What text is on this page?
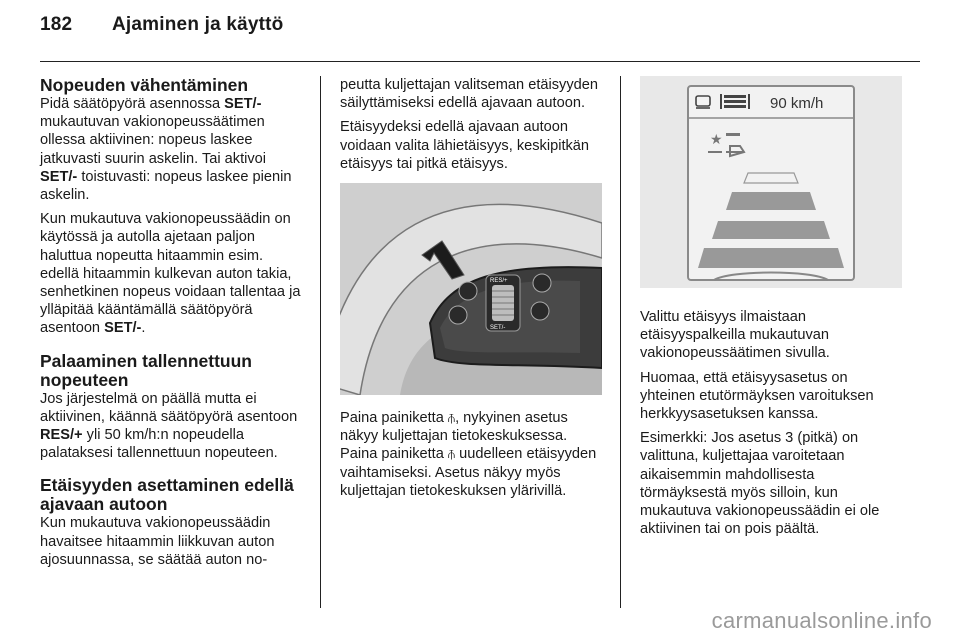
182 Ajaminen ja käyttö
Nopeuden vähentäminen

Pidä säätöpyörä asennossa SET/- mukautuvan vakionopeussäätimen ollessa aktiivinen: nopeus laskee jatkuvasti suurin askelin. Tai aktivoi SET/- toistuvasti: nopeus laskee pienin askelin.

Kun mukautuva vakionopeussäädin on käytössä ja autolla ajetaan paljon haluttua nopeutta hitaammin esim. edellä hitaammin kulkevan auton takia, senhetkinen nopeus voidaan tallentaa ja ylläpitää kääntämällä säätöpyörä asentoon SET/-.

Palaaminen tallennettuun nopeuteen

Jos järjestelmä on päällä mutta ei aktiivinen, käännä säätöpyörä asentoon RES/+ yli 50 km/h:n nopeudella palataksesi tallennettuun nopeuteen.

Etäisyyden asettaminen edellä ajavaan autoon

Kun mukautuva vakionopeussäädin havaitsee hitaammin liikkuvan auton ajosuunnassa, se säätää auton no-

peutta kuljettajan valitseman etäisyyden säilyttämiseksi edellä ajavaan autoon.

Etäisyydeksi edellä ajavaan autoon voidaan valita lähietäisyys, keskipitkän etäisyys tai pitkä etäisyys.

RES/+
SET/-

Paina painiketta ⫚, nykyinen asetus näkyy kuljettajan tietokeskuksessa. Paina painiketta ⫚ uudelleen etäisyyden vaihtamiseksi. Asetus näkyy myös kuljettajan tietokeskuksen ylärivillä.

90 km/h
★

Valittu etäisyys ilmaistaan etäisyyspalkeilla mukautuvan vakionopeussäätimen sivulla.

Huomaa, että etäisyysasetus on yhteinen etutörmäyksen varoituksen herkkyysasetuksen kanssa.

Esimerkki: Jos asetus 3 (pitkä) on valittuna, kuljettajaa varoitetaan aikaisemmin mahdollisesta törmäyksestä myös silloin, kun mukautuva vakionopeussäädin ei ole aktiivinen tai on pois päältä.

carmanualsonline.info
